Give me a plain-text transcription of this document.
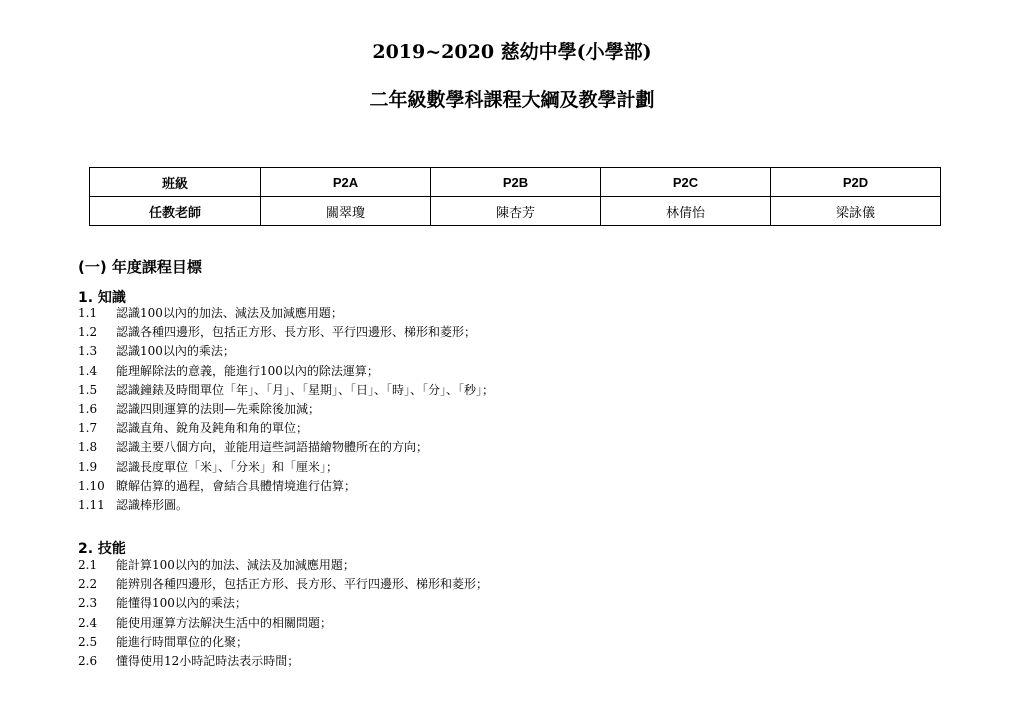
2019~2020 慈幼中學(小學部)
二年級數學科課程大綱及教學計劃
班級	P2A	P2B	P2C	P2D
任教老師	關翠瓊	陳杏芳	林倩怡	梁詠儀
(一) 年度課程目標
1. 知識
1.1 認識100以內的加法、減法及加減應用題；
1.2 認識各種四邊形，包括正方形、長方形、平行四邊形、梯形和菱形；
1.3 認識100以內的乘法；
1.4 能理解除法的意義，能進行100以內的除法運算；
1.5 認識鐘錶及時間單位「年」、「月」、「星期」、「日」、「時」、「分」、「秒」；
1.6 認識四則運算的法則—先乘除後加減；
1.7 認識直角、銳角及鈍角和角的單位；
1.8 認識主要八個方向，並能用這些詞語描繪物體所在的方向；
1.9 認識長度單位「米」、「分米」和「厘米」；
1.10 瞭解估算的過程，會結合具體情境進行估算；
1.11 認識棒形圖。
2. 技能
2.1 能計算100以內的加法、減法及加減應用題；
2.2 能辨別各種四邊形，包括正方形、長方形、平行四邊形、梯形和菱形；
2.3 能懂得100以內的乘法；
2.4 能使用運算方法解決生活中的相關問題；
2.5 能進行時間單位的化聚；
2.6 懂得使用12小時記時法表示時間；
